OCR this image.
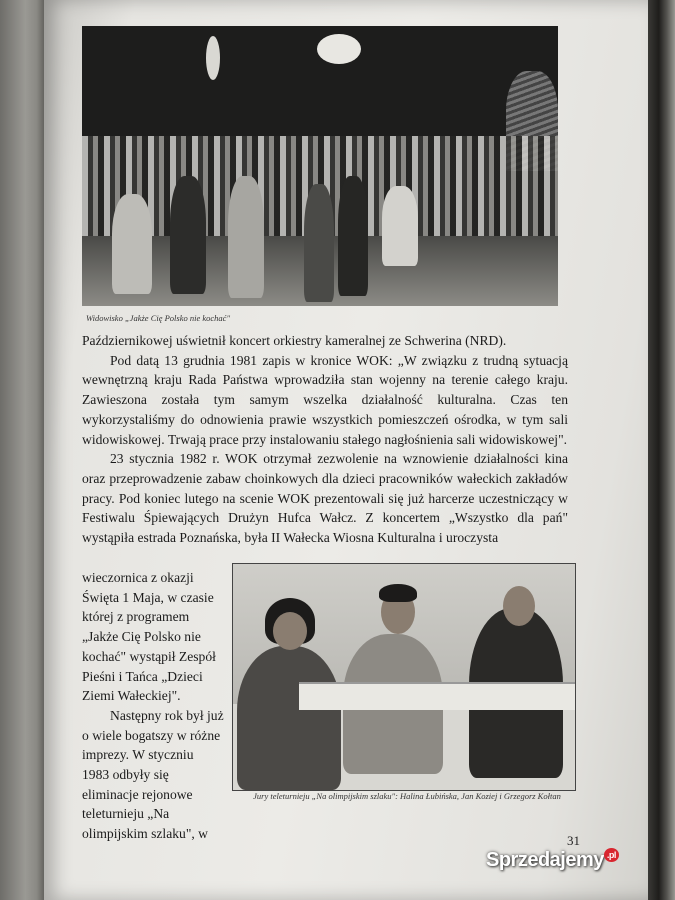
Widowisko „Jakże Cię Polsko nie kochać"

Październikowej uświetnił koncert orkiestry kameralnej ze Schwerina (NRD).

Pod datą 13 grudnia 1981 zapis w kronice WOK: „W związku z trudną sytuacją wewnętrzną kraju Rada Państwa wprowadziła stan wojenny na terenie całego kraju. Zawieszona została tym samym wszelka działalność kulturalna. Czas ten wykorzystaliśmy do odnowienia prawie wszystkich pomieszczeń ośrodka, w tym sali widowiskowej. Trwają prace przy instalowaniu stałego nagłośnienia sali widowiskowej".

23 stycznia 1982 r. WOK otrzymał zezwolenie na wznowienie działalności kina oraz przeprowadzenie zabaw choinkowych dla dzieci pracowników wałeckich zakładów pracy. Pod koniec lutego na scenie WOK prezentowali się już harcerze uczestniczący w Festiwalu Śpiewających Drużyn Hufca Wałcz. Z koncertem „Wszystko dla pań" wystąpiła estrada Poznańska, była II Wałecka Wiosna Kulturalna i uroczysta

wieczornica z okazji Święta 1 Maja, w czasie której z programem „Jakże Cię Polsko nie kochać" wystąpił Zespół Pieśni i Tańca „Dzieci Ziemi Wałeckiej".

Następny rok był już o wiele bogatszy w różne imprezy. W styczniu 1983 odbyły się eliminacje rejonowe teleturnieju „Na olimpijskim szlaku", w

Jury teleturnieju „Na olimpijskim szlaku": Halina Łubińska, Jan Koziej i Grzegorz Kołtan
31
Sprzedajemy $^{.pl}$
